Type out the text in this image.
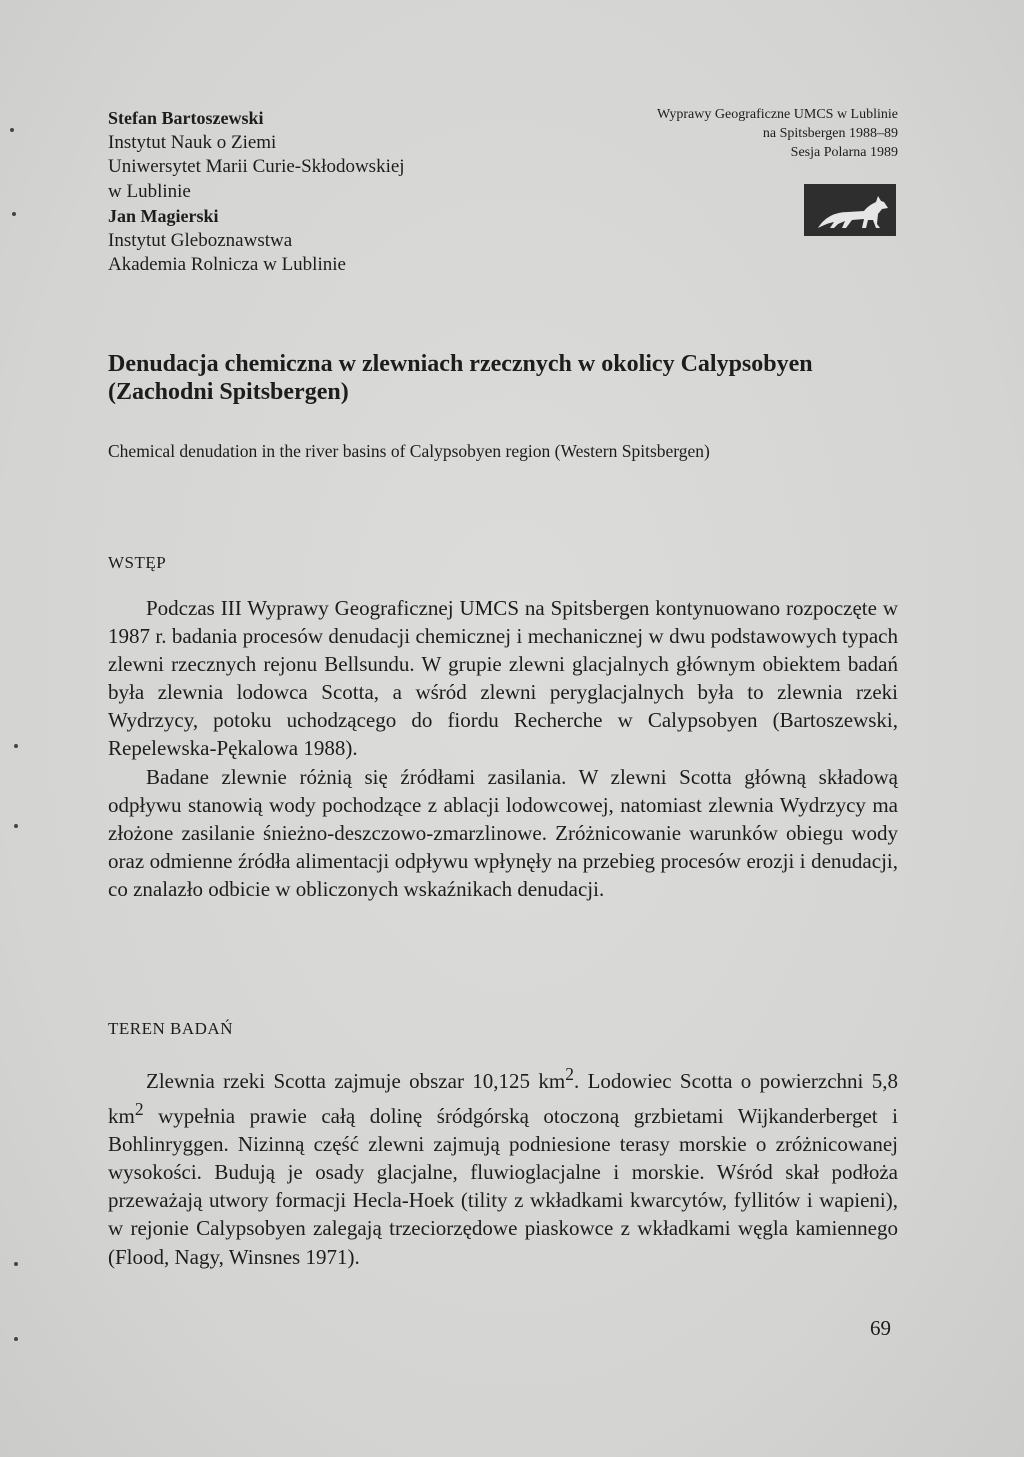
Stefan Bartoszewski
Instytut Nauk o Ziemi
Uniwersytet Marii Curie-Skłodowskiej
w Lublinie
Jan Magierski
Instytut Gleboznawstwa
Akademia Rolnicza w Lublinie
Wyprawy Geograficzne UMCS w Lublinie
na Spitsbergen 1988–89
Sesja Polarna 1989
Denudacja chemiczna w zlewniach rzecznych w okolicy Calypsobyen (Zachodni Spitsbergen)
Chemical denudation in the river basins of Calypsobyen region (Western Spitsbergen)
WSTĘP

Podczas III Wyprawy Geograficznej UMCS na Spitsbergen kontynuowano rozpoczęte w 1987 r. badania procesów denudacji chemicznej i mechanicznej w dwu podstawowych typach zlewni rzecznych rejonu Bellsundu. W grupie zlewni glacjalnych głównym obiektem badań była zlewnia lodowca Scotta, a wśród zlewni peryglacjalnych była to zlewnia rzeki Wydrzycy, potoku uchodzącego do fiordu Recherche w Calypsobyen (Bartoszewski, Repelewska-Pękalowa 1988).

Badane zlewnie różnią się źródłami zasilania. W zlewni Scotta główną składową odpływu stanowią wody pochodzące z ablacji lodowcowej, natomiast zlewnia Wydrzycy ma złożone zasilanie śnieżno-deszczowo-zmarzlinowe. Zróżnicowanie warunków obiegu wody oraz odmienne źródła alimentacji odpływu wpłynęły na przebieg procesów erozji i denudacji, co znalazło odbicie w obliczonych wskaźnikach denudacji.

TEREN BADAŃ

Zlewnia rzeki Scotta zajmuje obszar 10,125 $km^2$. Lodowiec Scotta o powierzchni 5,8 $km^2$ wypełnia prawie całą dolinę śródgórską otoczoną grzbietami Wijkanderberget i Bohlinryggen. Nizinną część zlewni zajmują podniesione terasy morskie o zróżnicowanej wysokości. Budują je osady glacjalne, fluwioglacjalne i morskie. Wśród skał podłoża przeważają utwory formacji Hecla-Hoek (tility z wkładkami kwarcytów, fyllitów i wapieni), w rejonie Calypsobyen zalegają trzeciorzędowe piaskowce z wkładkami węgla kamiennego (Flood, Nagy, Winsnes 1971).

69
